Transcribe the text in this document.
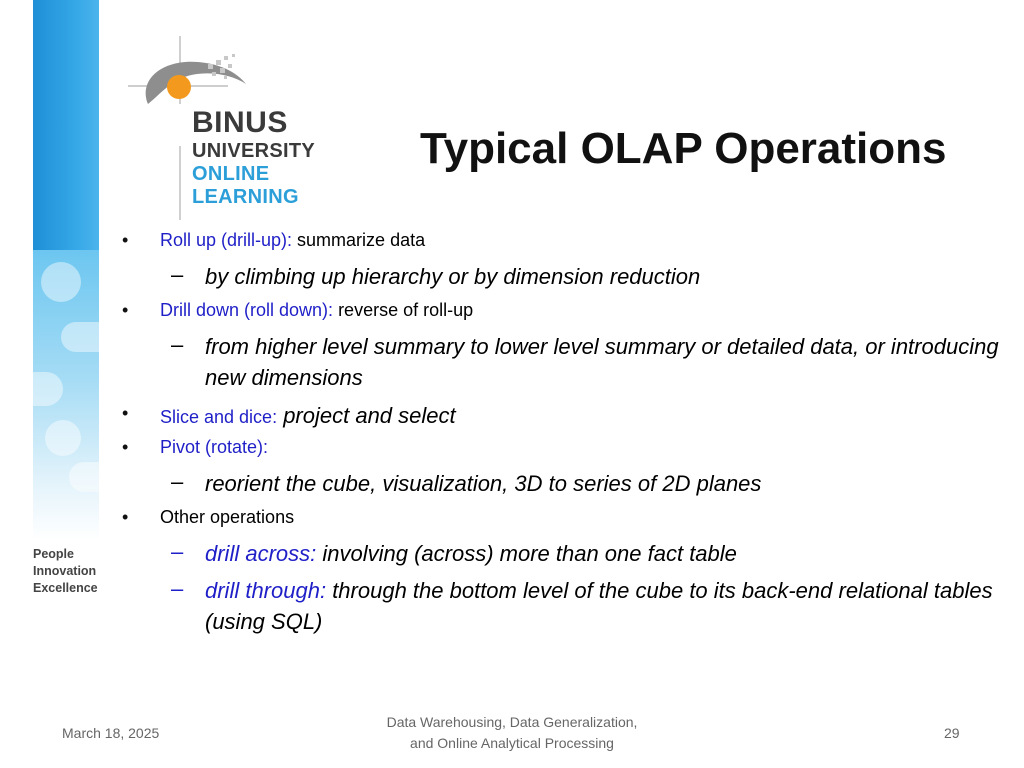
People
Innovation
Excellence
BINUS
UNIVERSITY
ONLINE
LEARNING
Typical OLAP Operations
• Roll up (drill-up): summarize data
– by climbing up hierarchy or by dimension reduction
• Drill down (roll down): reverse of roll-up
– from higher level summary to lower level summary or detailed data, or introducing new dimensions
• Slice and dice: project and select
• Pivot (rotate):
– reorient the cube, visualization, 3D to series of 2D planes
• Other operations
– drill across: involving (across) more than one fact table
– drill through: through the bottom level of the cube to its back-end relational tables (using SQL)
March 18, 2025
Data Warehousing, Data Generalization,
and Online Analytical Processing
29
